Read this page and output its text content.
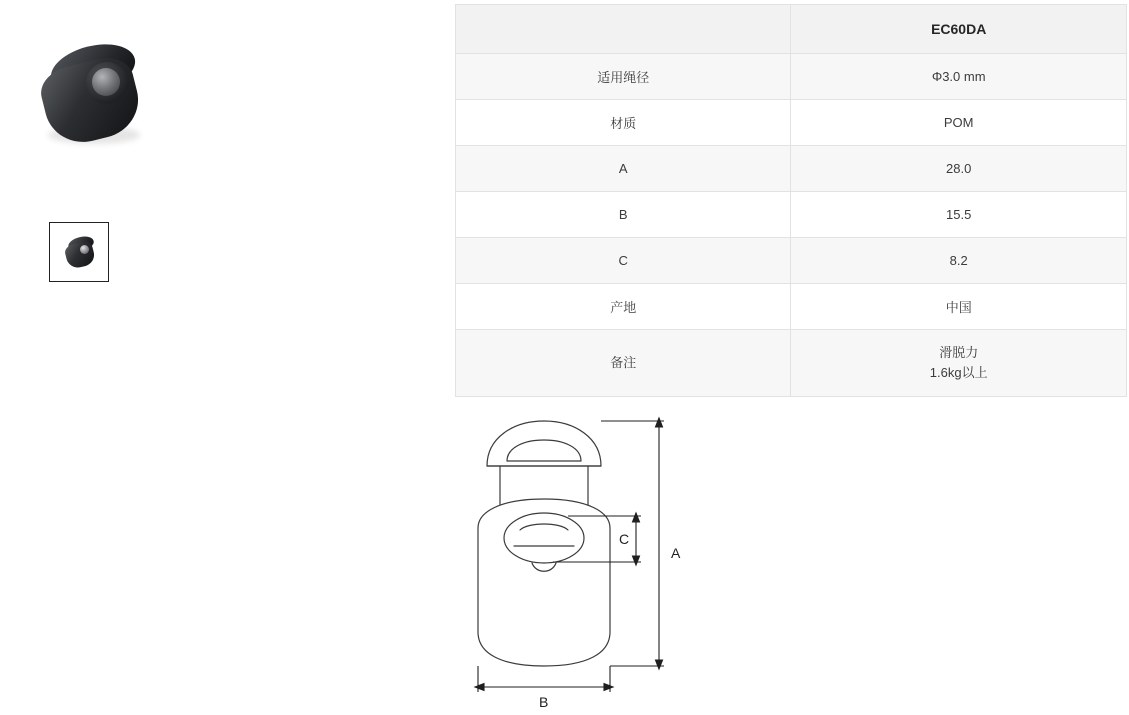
	EC60DA
适用绳径	Φ3.0 mm
材质	POM
A	28.0
B	15.5
C	8.2
产地	中国
备注	滑脱力
1.6kg以上
A
C
B
